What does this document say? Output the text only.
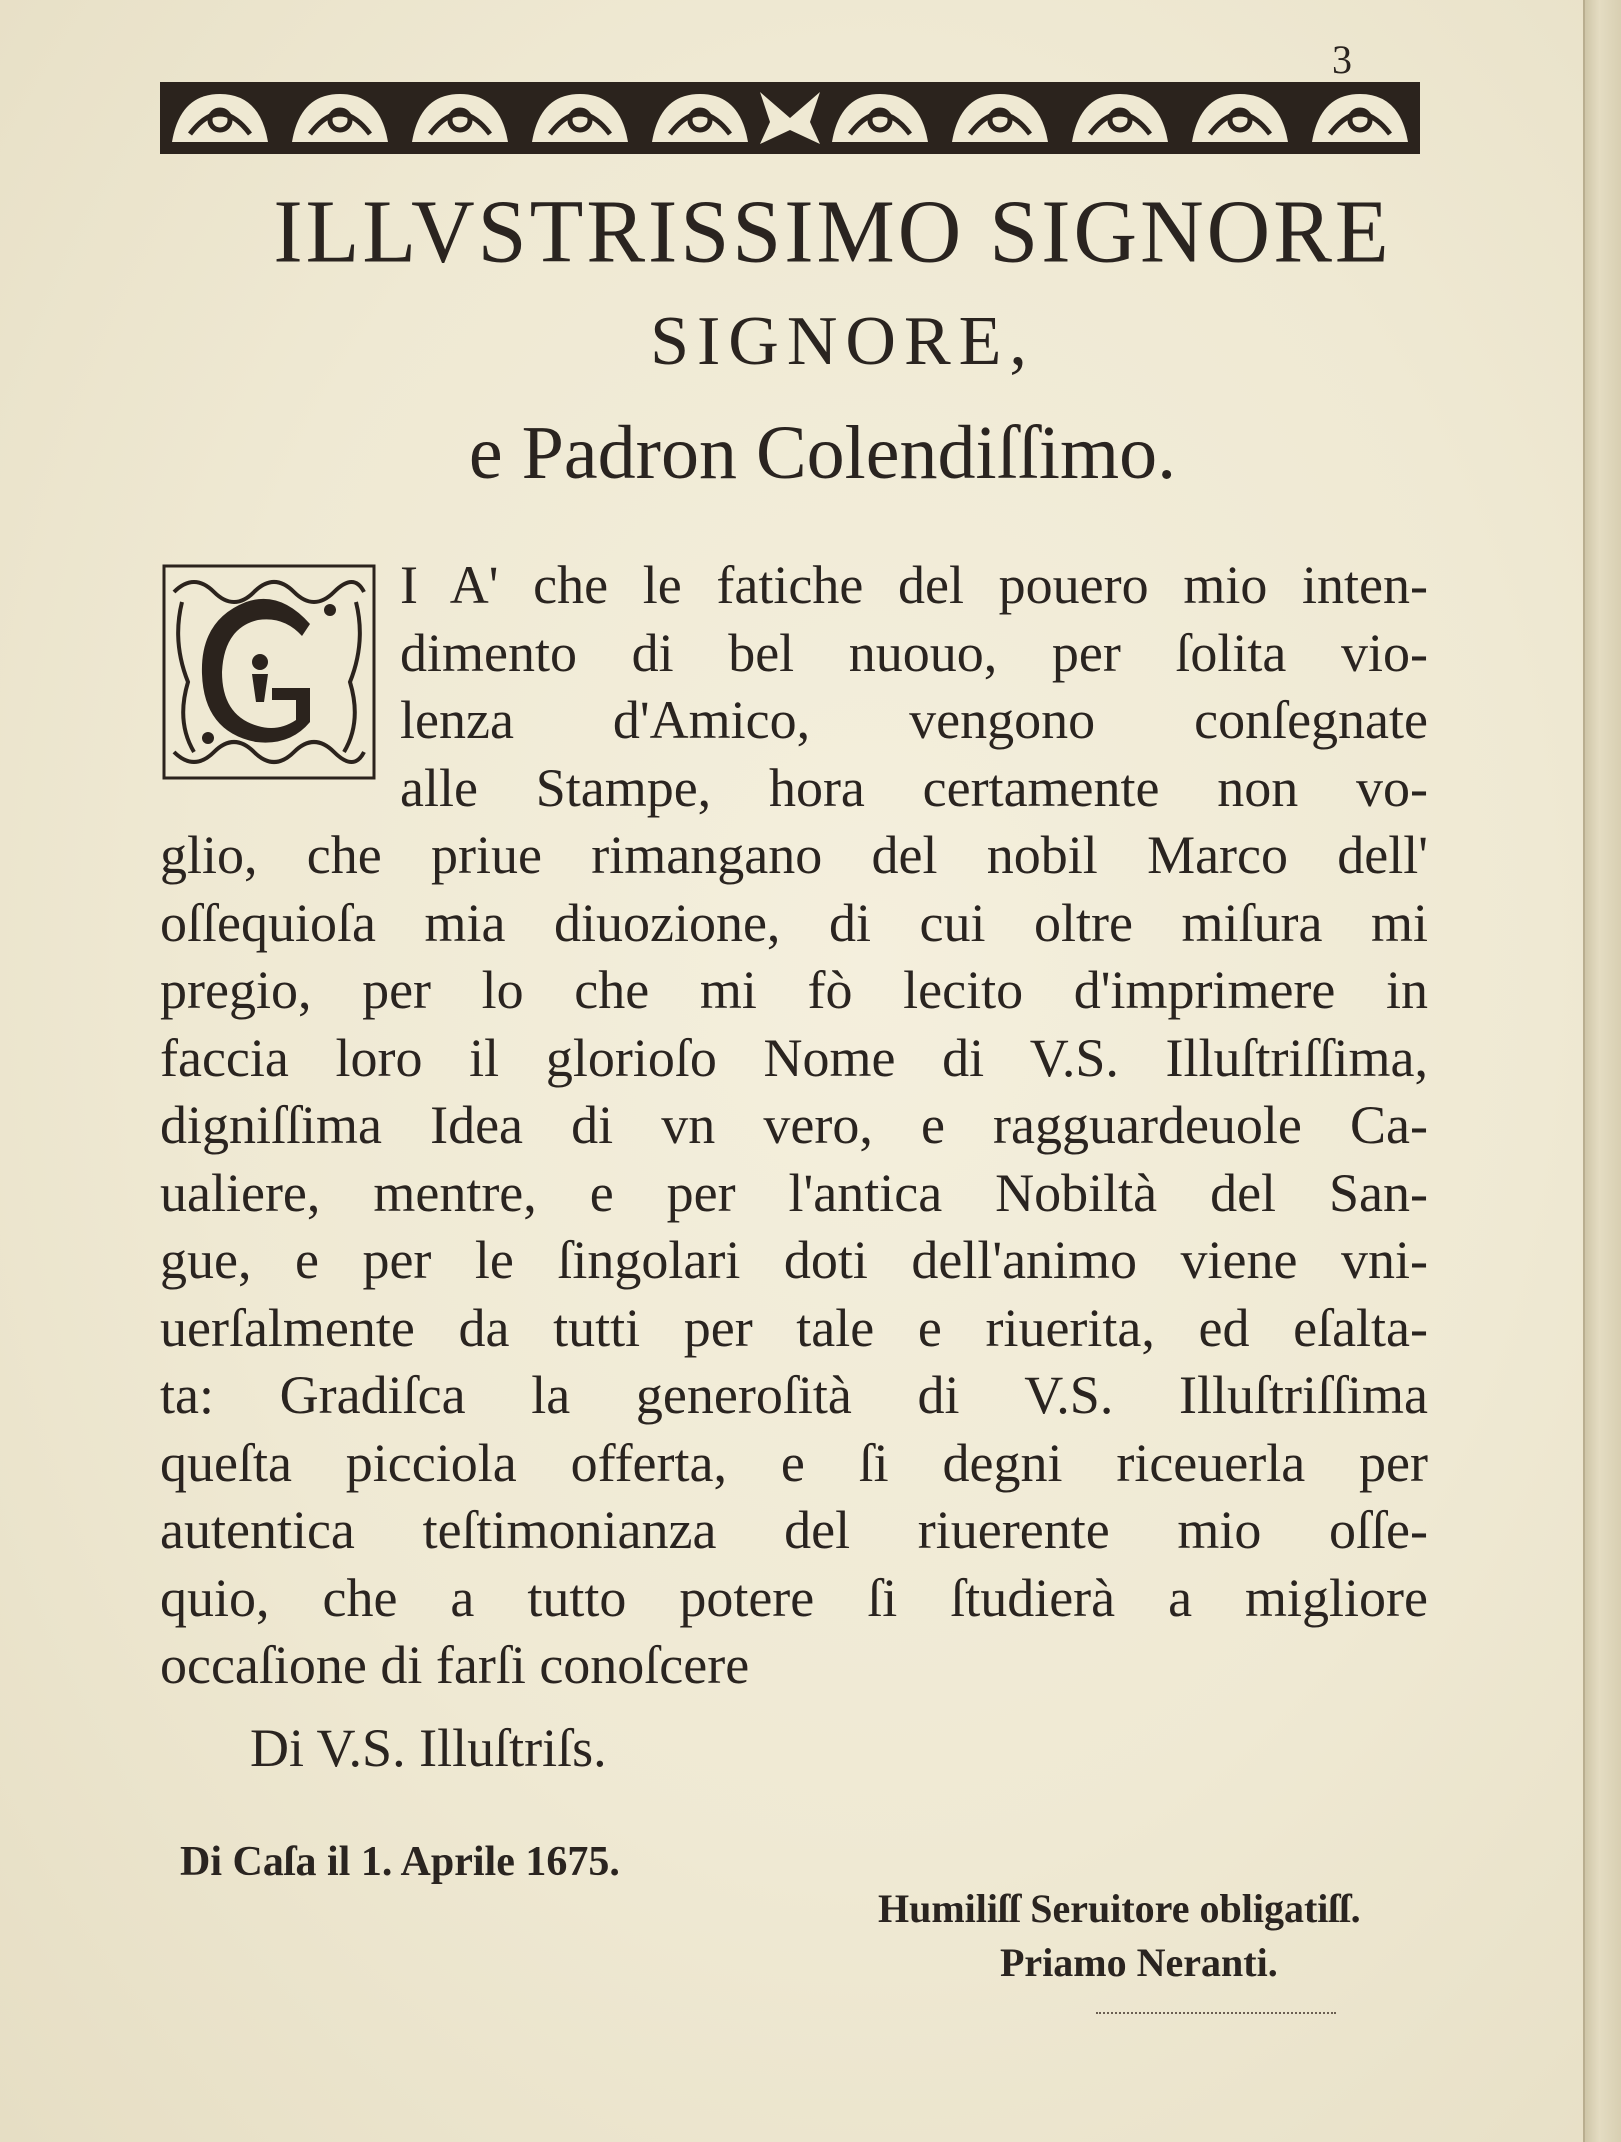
3
ILLVSTRISSIMO SIGNORE
SIGNORE,
e Padron Colendiſſimo.
I A' che le fatiche del pouero mio inten-
dimento di bel nuouo, per ſolita vio-
lenza d'Amico, vengono conſegnate
alle Stampe, hora certamente non vo-
glio, che priue rimangano del nobil Marco dell'
oſſequioſa mia diuozione, di cui oltre miſura mi
pregio, per lo che mi fò lecito d'imprimere in
faccia loro il glorioſo Nome di V.S. Illuſtriſſima,
digniſſima Idea di vn vero, e ragguardeuole Ca-
ualiere, mentre, e per l'antica Nobiltà del San-
gue, e per le ſingolari doti dell'animo viene vni-
uerſalmente da tutti per tale e riuerita, ed eſalta-
ta: Gradiſca la generoſità di V.S. Illuſtriſſima
queſta picciola offerta, e ſi degni riceuerla per
autentica teſtimonianza del riuerente mio oſſe-
quio, che a tutto potere ſi ſtudierà a migliore
occaſione di farſi conoſcere
Di V.S. Illuſtriſs.
Di Caſa il 1. Aprile 1675.
Humiliſſ Seruitore obligatiſſ.
Priamo Neranti.
